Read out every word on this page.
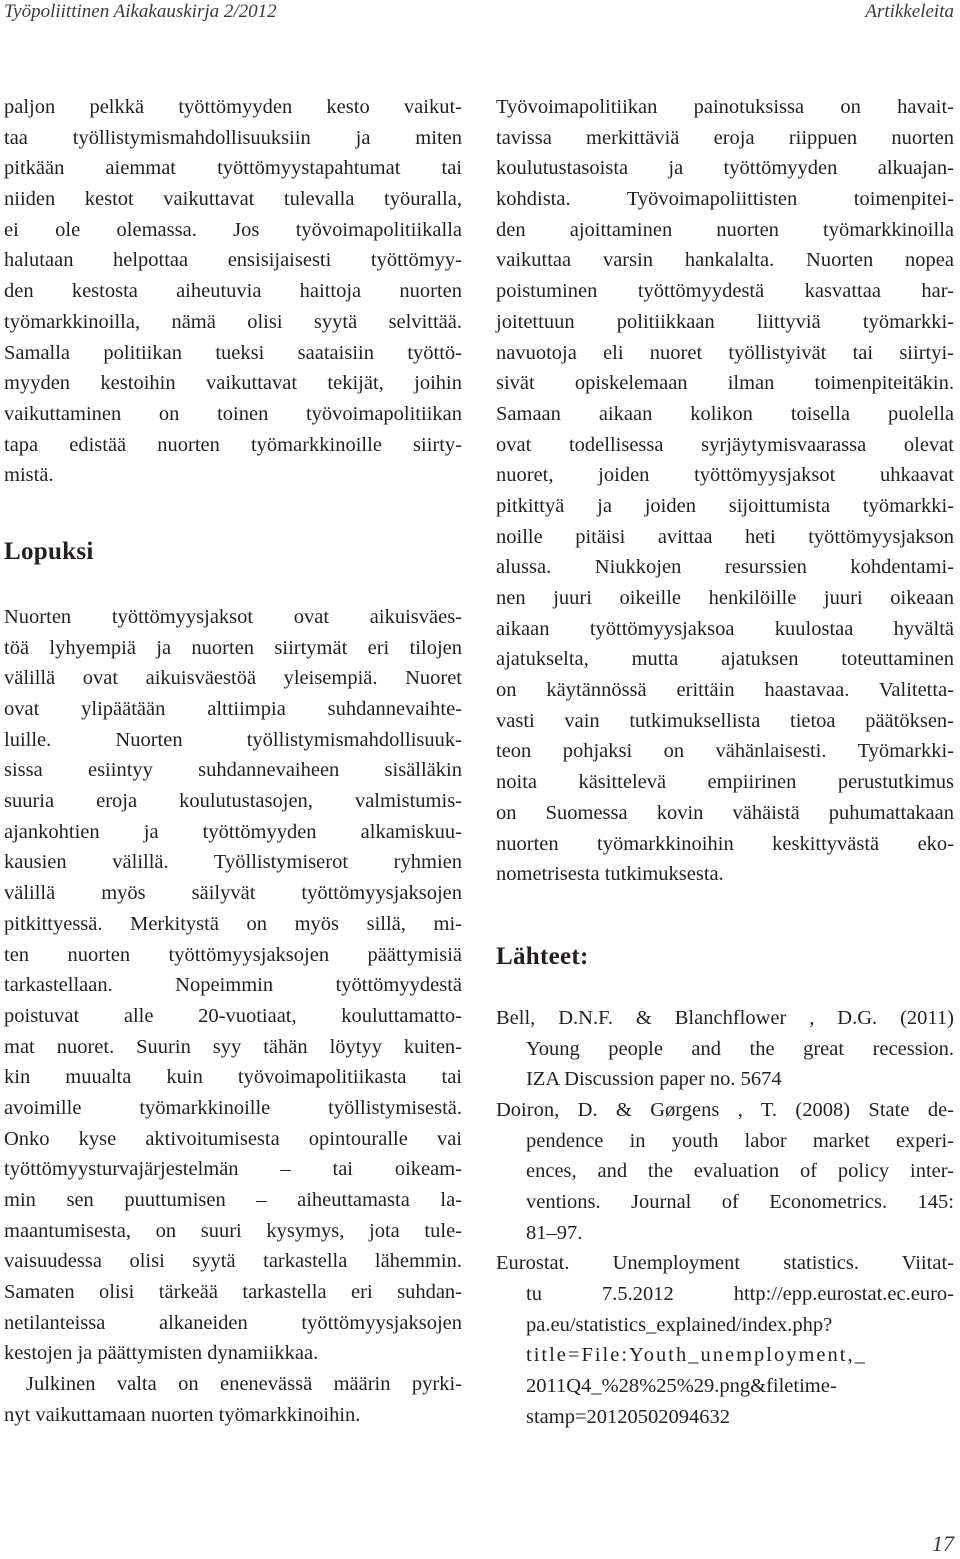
Työpoliittinen Aikakauskirja 2/2012	Artikkeleita
paljon pelkkä työttömyyden kesto vaikut-
taa työllistymismahdollisuuksiin ja miten
pitkään aiemmat työttömyystapahtumat tai
niiden kestot vaikuttavat tulevalla työuralla,
ei ole olemassa. Jos työvoimapolitiikalla
halutaan helpottaa ensisijaisesti työttömyy-
den kestosta aiheutuvia haittoja nuorten
työmarkkinoilla, nämä olisi syytä selvittää.
Samalla politiikan tueksi saataisiin työttö-
myyden kestoihin vaikuttavat tekijät, joihin
vaikuttaminen on toinen työvoimapolitiikan
tapa edistää nuorten työmarkkinoille siirty-
mistä.
Lopuksi
Nuorten työttömyysjaksot ovat aikuisväes-
töä lyhyempiä ja nuorten siirtymät eri tilojen
välillä ovat aikuisväestöä yleisempiä. Nuoret
ovat ylipäätään alttiimpia suhdannevaihte-
luille. Nuorten työllistymismahdollisuuk-
sissa esiintyy suhdannevaiheen sisälläkin
suuria eroja koulutustasojen, valmistumis-
ajankohtien ja työttömyyden alkamiskuu-
kausien välillä. Työllistymiserot ryhmien
välillä myös säilyvät työttömyysjaksojen
pitkittyessä. Merkitystä on myös sillä, mi-
ten nuorten työttömyysjaksojen päättymisiä
tarkastellaan. Nopeimmin työttömyydestä
poistuvat alle 20-vuotiaat, kouluttamatto-
mat nuoret. Suurin syy tähän löytyy kuiten-
kin muualta kuin työvoimapolitiikasta tai
avoimille työmarkkinoille työllistymisestä.
Onko kyse aktivoitumisesta opintouralle vai
työttömyysturvajärjestelmän – tai oikeam-
min sen puuttumisen – aiheuttamasta la-
maantumisesta, on suuri kysymys, jota tule-
vaisuudessa olisi syytä tarkastella lähemmin.
Samaten olisi tärkeää tarkastella eri suhdan-
netilanteissa alkaneiden työttömyysjaksojen
kestojen ja päättymisten dynamiikkaa.
Julkinen valta on enenevässä määrin pyrki-
nyt vaikuttamaan nuorten työmarkkinoihin.
Työvoimapolitiikan painotuksissa on havait-
tavissa merkittäviä eroja riippuen nuorten
koulutustasoista ja työttömyyden alkuajan-
kohdista. Työvoimapoliittisten toimenpitei-
den ajoittaminen nuorten työmarkkinoilla
vaikuttaa varsin hankalalta. Nuorten nopea
poistuminen työttömyydestä kasvattaa har-
joitettuun politiikkaan liittyviä työmarkki-
navuotoja eli nuoret työllistyivät tai siirtyi-
sivät opiskelemaan ilman toimenpiteitäkin.
Samaan aikaan kolikon toisella puolella
ovat todellisessa syrjäytymisvaarassa olevat
nuoret, joiden työttömyysjaksot uhkaavat
pitkittyä ja joiden sijoittumista työmarkki-
noille pitäisi avittaa heti työttömyysjakson
alussa. Niukkojen resurssien kohdentami-
nen juuri oikeille henkilöille juuri oikeaan
aikaan työttömyysjaksoa kuulostaa hyvältä
ajatukselta, mutta ajatuksen toteuttaminen
on käytännössä erittäin haastavaa. Valitetta-
vasti vain tutkimuksellista tietoa päätöksen-
teon pohjaksi on vähänlaisesti. Työmarkki-
noita käsittelevä empiirinen perustutkimus
on Suomessa kovin vähäistä puhumattakaan
nuorten työmarkkinoihin keskittyvästä eko-
nometrisesta tutkimuksesta.
Lähteet:
Bell, D.N.F. & Blanchflower , D.G. (2011)
Young people and the great recession.
IZA Discussion paper no. 5674
Doiron, D. & Gørgens , T. (2008) State de-
pendence in youth labor market experi-
ences, and the evaluation of policy inter-
ventions. Journal of Econometrics. 145:
81–97.
Eurostat. Unemployment statistics. Viitat-
tu 7.5.2012 http://epp.eurostat.ec.euro-
pa.eu/statistics_explained/index.php?
title=File:Youth_unemployment,_
2011Q4_%28%25%29.png&filetime-
stamp=20120502094632
17
